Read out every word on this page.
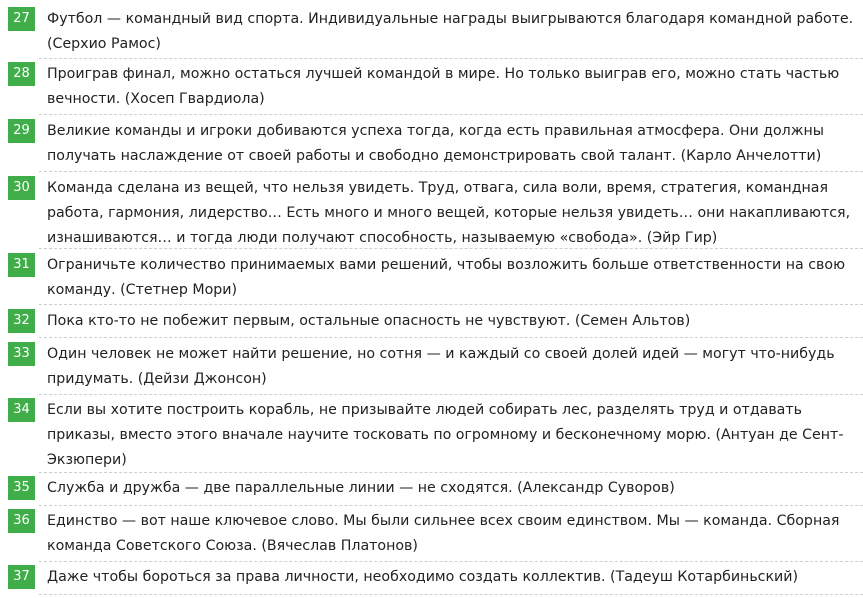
27	Футбол — командный вид спорта. Индивидуальные награды выигрываются благодаря командной работе. (Серхио Рамос)
28	Проиграв финал, можно остаться лучшей командой в мире. Но только выиграв его, можно стать частью вечности. (Хосеп Гвардиола)
29	Великие команды и игроки добиваются успеха тогда, когда есть правильная атмосфера. Они должны получать наслаждение от своей работы и свободно демонстрировать свой талант. (Карло Анчелотти)
30	Команда сделана из вещей, что нельзя увидеть. Труд, отвага, сила воли, время, стратегия, командная работа, гармония, лидерство… Есть много и много вещей, которые нельзя увидеть… они накапливаются, изнашиваются… и тогда люди получают способность, называемую «свобода». (Эйр Гир)
31	Ограничьте количество принимаемых вами решений, чтобы возложить больше ответственности на свою команду. (Стетнер Мори)
32	Пока кто-то не побежит первым, остальные опасность не чувствуют. (Семен Альтов)
33	Один человек не может найти решение, но сотня — и каждый со своей долей идей — могут что-нибудь придумать. (Дейзи Джонсон)
34	Если вы хотите построить корабль, не призывайте людей собирать лес, разделять труд и отдавать приказы, вместо этого вначале научите тосковать по огромному и бесконечному морю. (Антуан де Сент-Экзюпери)
35	Служба и дружба — две параллельные линии — не сходятся. (Александр Суворов)
36	Единство — вот наше ключевое слово. Мы были сильнее всех своим единством. Мы — команда. Сборная команда Советского Союза. (Вячеслав Платонов)
37	Даже чтобы бороться за права личности, необходимо создать коллектив. (Тадеуш Котарбиньский)
